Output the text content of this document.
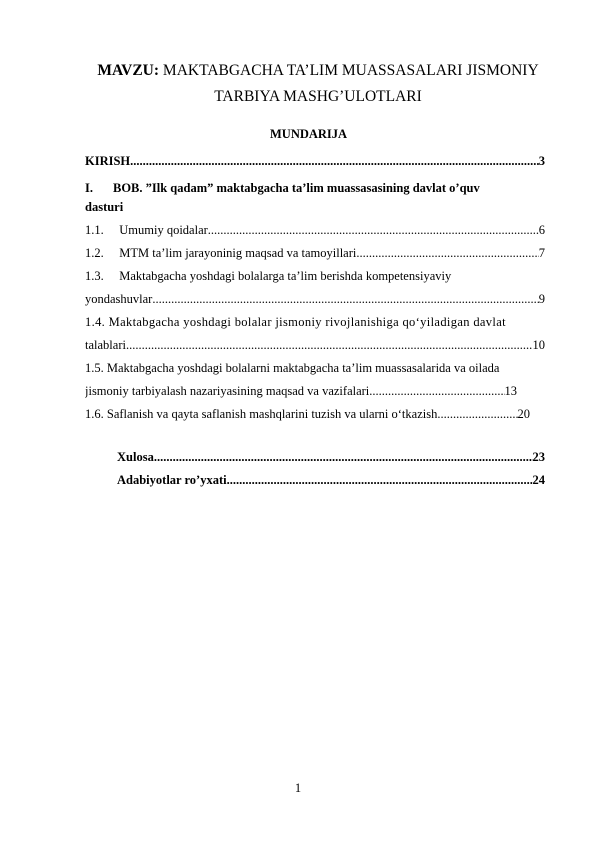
MAVZU: MAKTABGACHA TA’LIM MUASSASALARI JISMONIY
TARBIYA MASHG’ULOTLARI
MUNDARIJA
KIRISH .....	3
I. BOB. ”Ilk qadam” maktabgacha ta’lim muassasasining davlat o’quv
dasturi
1.1. Umumiy qoidalar .....	6
1.2. MTM ta’lim jarayoninig maqsad va tamoyillari .....	7
1.3. Maktabgacha yoshdagi bolalarga ta’lim berishda kompetensiyaviy
yondashuvlar .....	9
1.4. Maktabgacha yoshdagi bolalar jismoniy rivojlanishiga qo‘yiladigan davlat
talablari .....	10
1.5. Maktabgacha yoshdagi bolalarni maktabgacha ta’lim muassasalarida va oilada
jismoniy tarbiyalash nazariyasining maqsad va vazifalari .....	13
1.6. Saflanish va qayta saflanish mashqlarini tuzish va ularni o‘tkazish .....	20
Xulosa .....	23
Adabiyotlar ro’yxati .....	24
1
